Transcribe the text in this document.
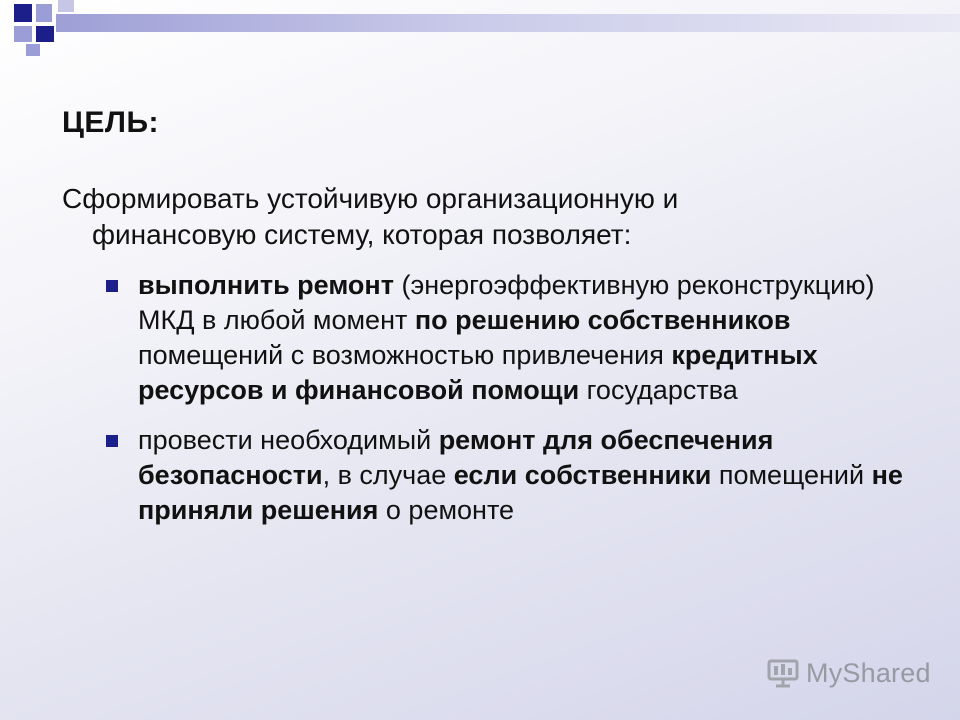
ЦЕЛЬ:

Сформировать устойчивую организационную и финансовую систему, которая позволяет:

выполнить ремонт (энергоэффективную реконструкцию) МКД в любой момент по решению собственников помещений с возможностью привлечения кредитных ресурсов и финансовой помощи государства
провести необходимый ремонт для обеспечения безопасности, в случае если собственники помещений не приняли решения о ремонте
MyShared
